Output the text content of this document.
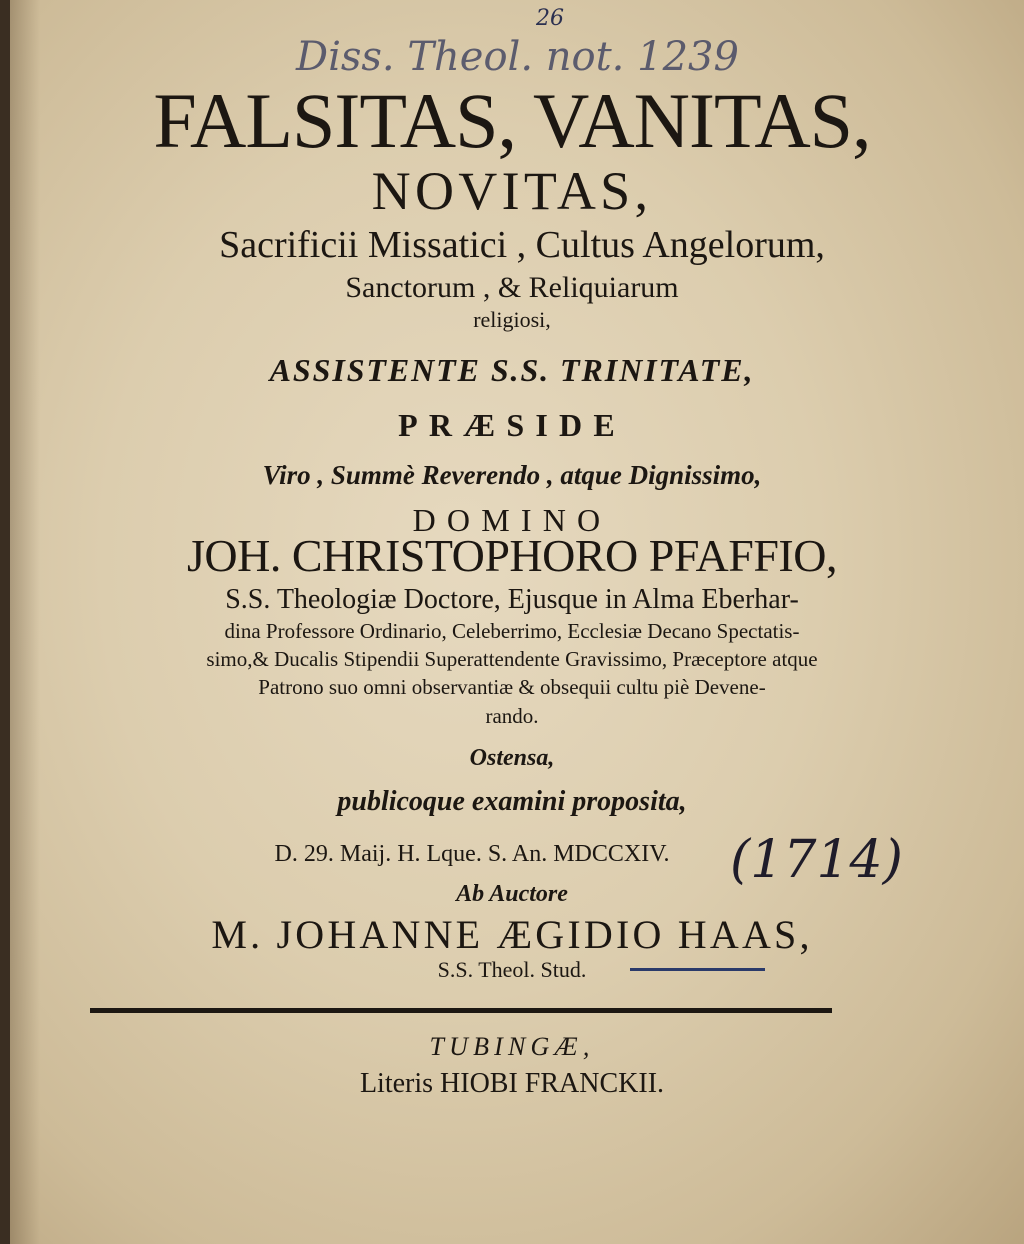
26
Diss. Theol. not. 1239
FALSITAS, VANITAS,
NOVITAS,
Sacrificii Missatici , Cultus Angelorum,
Sanctorum , & Reliquiarum
religiosi,
ASSISTENTE S.S. TRINITATE,
PRÆSIDE
Viro , Summè Reverendo , atque Dignissimo,
DOMINO
JOH. CHRISTOPHORO PFAFFIO,
S.S. Theologiæ Doctore, Ejusque in Alma Eberhar-
dina Professore Ordinario, Celeberrimo, Ecclesiæ Decano Spectatis-
simo,& Ducalis Stipendii Superattendente Gravissimo, Præceptore atque
Patrono suo omni observantiæ & obsequii cultu piè Devene-
rando.
Ostensa,
publicoque examini proposita,
D. 29. Maij. H. Lque. S. An. MDCCXIV.	(1714)
Ab Auctore
M. JOHANNE ÆGIDIO HAAS,
S.S. Theol. Stud.
TUBINGÆ,
Literis HIOBI FRANCKII.
